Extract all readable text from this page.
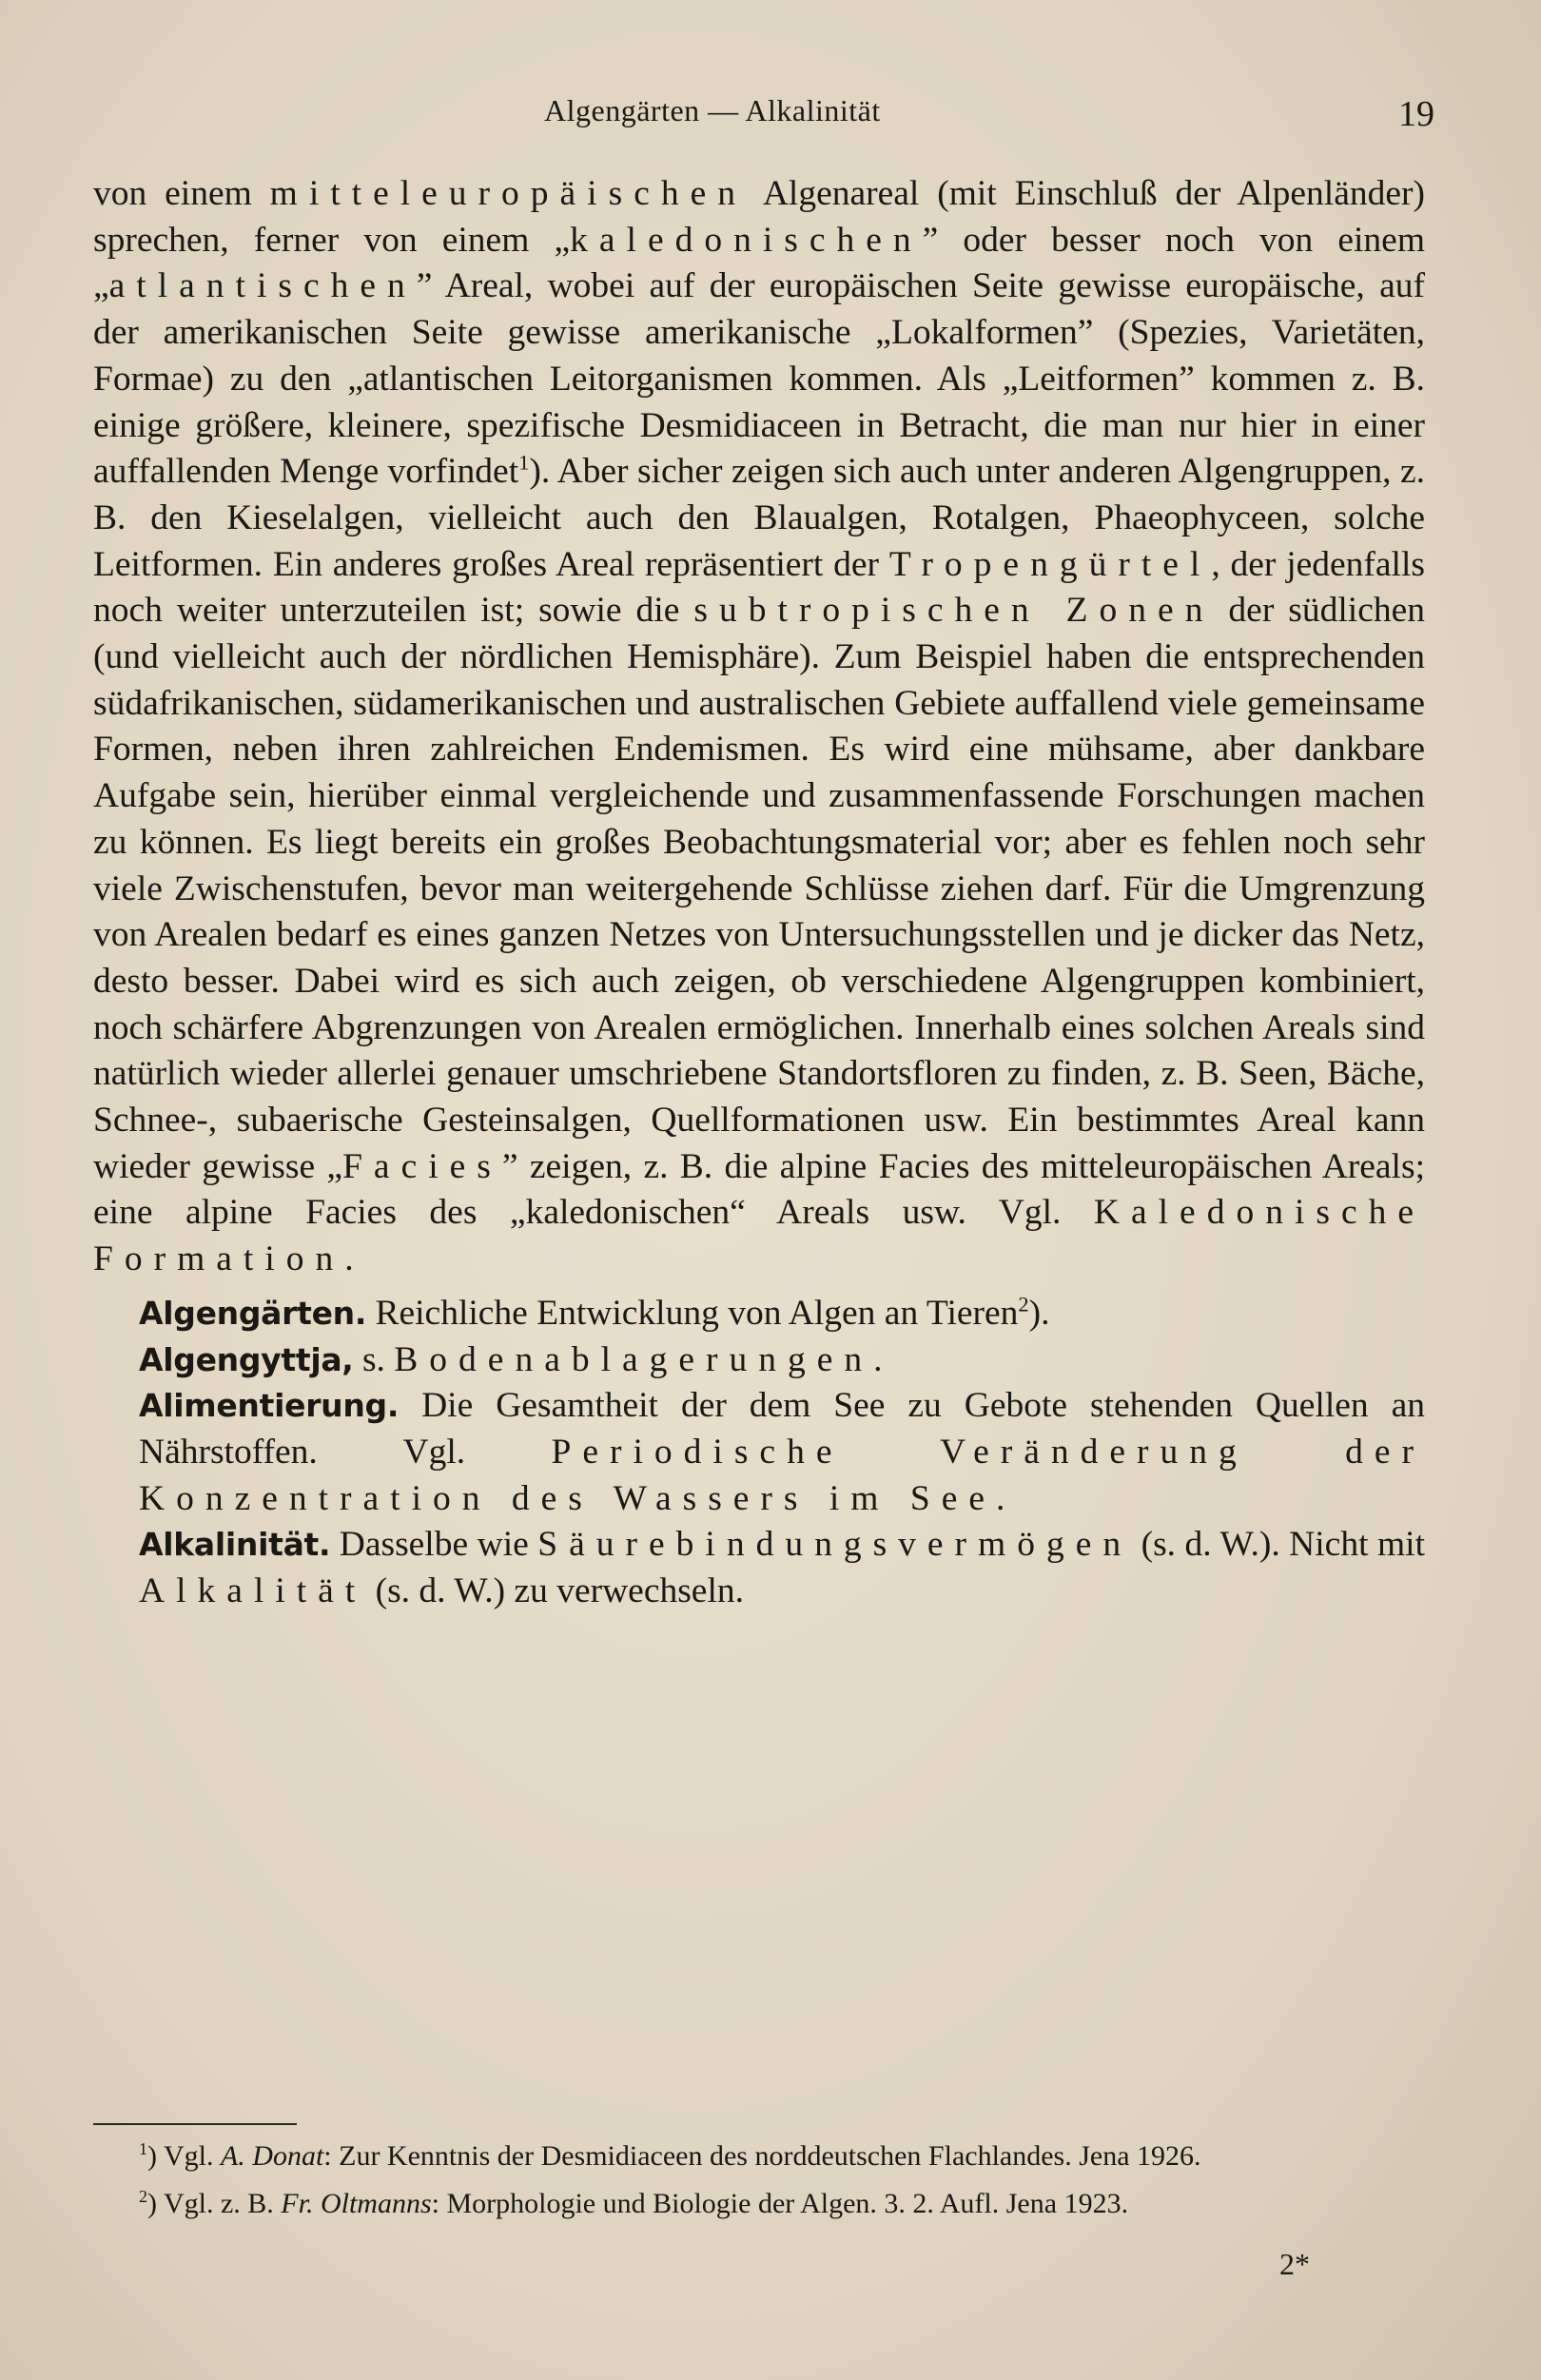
Algengärten — Alkalinität	19

von einem mitteleuropäischen Algenareal (mit Einschluß der Alpenländer) sprechen, ferner von einem „kaledonischen” oder besser noch von einem „atlantischen” Areal, wobei auf der europäischen Seite gewisse europäische, auf der amerikanischen Seite gewisse amerikanische „Lokalformen” (Spezies, Varietäten, Formae) zu den „atlantischen Leitorganismen kommen. Als „Leitformen” kommen z. B. einige größere, kleinere, spezifische Desmidiaceen in Betracht, die man nur hier in einer auffallenden Menge vorfindet$^1$). Aber sicher zeigen sich auch unter anderen Algengruppen, z. B. den Kieselalgen, vielleicht auch den Blaualgen, Rotalgen, Phaeophyceen, solche Leitformen. Ein anderes großes Areal repräsentiert der Tropengürtel, der jedenfalls noch weiter unterzuteilen ist; sowie die subtropischen Zonen der südlichen (und vielleicht auch der nördlichen Hemisphäre). Zum Beispiel haben die entsprechenden südafrikanischen, südamerikanischen und australischen Gebiete auffallend viele gemeinsame Formen, neben ihren zahlreichen Endemismen. Es wird eine mühsame, aber dankbare Aufgabe sein, hierüber einmal vergleichende und zusammenfassende Forschungen machen zu können. Es liegt bereits ein großes Beobachtungsmaterial vor; aber es fehlen noch sehr viele Zwischenstufen, bevor man weitergehende Schlüsse ziehen darf. Für die Umgrenzung von Arealen bedarf es eines ganzen Netzes von Untersuchungsstellen und je dicker das Netz, desto besser. Dabei wird es sich auch zeigen, ob verschiedene Algengruppen kombiniert, noch schärfere Abgrenzungen von Arealen ermöglichen. Innerhalb eines solchen Areals sind natürlich wieder allerlei genauer umschriebene Standortsfloren zu finden, z. B. Seen, Bäche, Schnee-, subaerische Gesteinsalgen, Quellformationen usw. Ein bestimmtes Areal kann wieder gewisse „Facies” zeigen, z. B. die alpine Facies des mitteleuropäischen Areals; eine alpine Facies des „kaledonischen“ Areals usw. Vgl. Kaledonische Formation.

Algengärten. Reichliche Entwicklung von Algen an Tieren$^2$).

Algengyttja, s. Bodenablagerungen.

Alimentierung. Die Gesamtheit der dem See zu Gebote stehenden Quellen an Nährstoffen. Vgl. Periodische Veränderung der Konzentration des Wassers im See.

Alkalinität. Dasselbe wie Säurebindungsvermögen (s. d. W.). Nicht mit Alkalität (s. d. W.) zu verwechseln.

$^1$) Vgl. A. Donat: Zur Kenntnis der Desmidiaceen des norddeutschen Flachlandes. Jena 1926.

$^2$) Vgl. z. B. Fr. Oltmanns: Morphologie und Biologie der Algen. 3. 2. Aufl. Jena 1923.

2*
